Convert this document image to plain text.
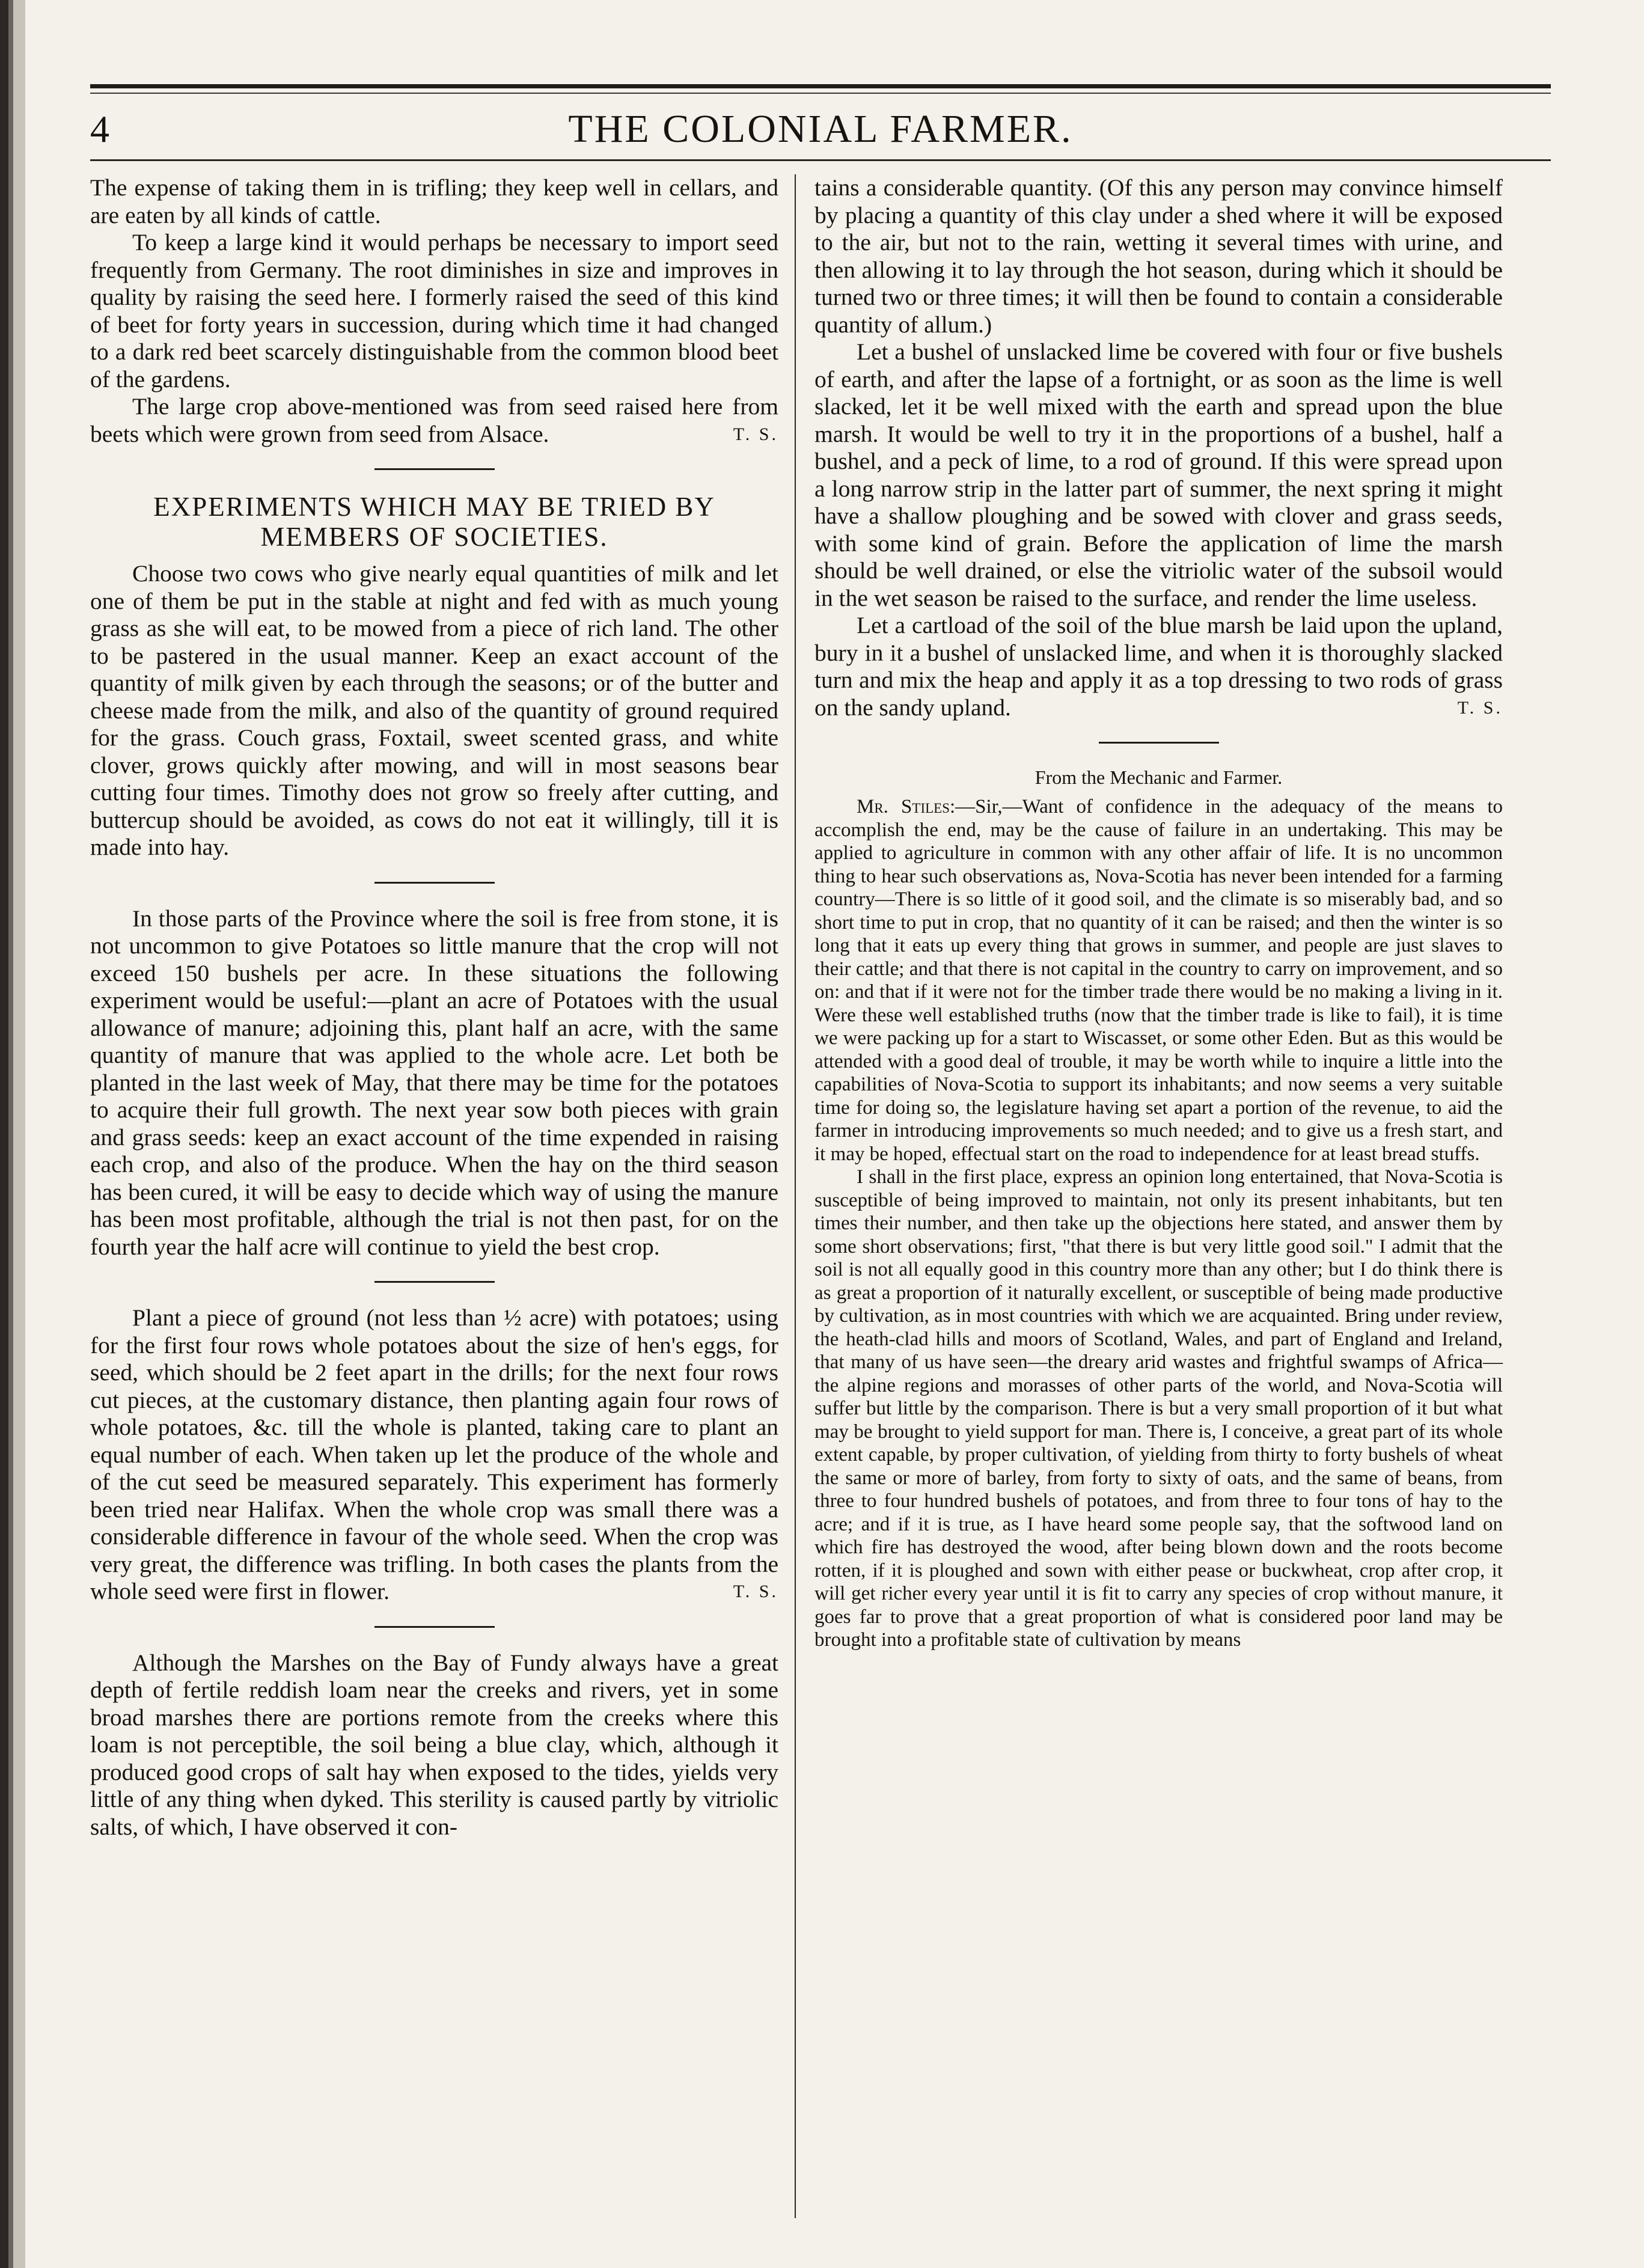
4	THE COLONIAL FARMER.

The expense of taking them in is trifling; they keep well in cellars, and are eaten by all kinds of cattle.

To keep a large kind it would perhaps be necessary to import seed frequently from Germany. The root diminishes in size and improves in quality by raising the seed here. I formerly raised the seed of this kind of beet for forty years in succession, during which time it had changed to a dark red beet scarcely distinguishable from the common blood beet of the gardens.

The large crop above-mentioned was from seed raised here from beets which were grown from seed from Alsace.	T. S.

EXPERIMENTS WHICH MAY BE TRIED BY MEMBERS OF SOCIETIES.

Choose two cows who give nearly equal quantities of milk and let one of them be put in the stable at night and fed with as much young grass as she will eat, to be mowed from a piece of rich land. The other to be pastered in the usual manner. Keep an exact account of the quantity of milk given by each through the seasons; or of the butter and cheese made from the milk, and also of the quantity of ground required for the grass. Couch grass, Foxtail, sweet scented grass, and white clover, grows quickly after mowing, and will in most seasons bear cutting four times. Timothy does not grow so freely after cutting, and buttercup should be avoided, as cows do not eat it willingly, till it is made into hay.

In those parts of the Province where the soil is free from stone, it is not uncommon to give Potatoes so little manure that the crop will not exceed 150 bushels per acre. In these situations the following experiment would be useful:—plant an acre of Potatoes with the usual allowance of manure; adjoining this, plant half an acre, with the same quantity of manure that was applied to the whole acre. Let both be planted in the last week of May, that there may be time for the potatoes to acquire their full growth. The next year sow both pieces with grain and grass seeds: keep an exact account of the time expended in raising each crop, and also of the produce. When the hay on the third season has been cured, it will be easy to decide which way of using the manure has been most profitable, although the trial is not then past, for on the fourth year the half acre will continue to yield the best crop.

Plant a piece of ground (not less than ½ acre) with potatoes; using for the first four rows whole potatoes about the size of hen's eggs, for seed, which should be 2 feet apart in the drills; for the next four rows cut pieces, at the customary distance, then planting again four rows of whole potatoes, &c. till the whole is planted, taking care to plant an equal number of each. When taken up let the produce of the whole and of the cut seed be measured separately. This experiment has formerly been tried near Halifax. When the whole crop was small there was a considerable difference in favour of the whole seed. When the crop was very great, the difference was trifling. In both cases the plants from the whole seed were first in flower.	T. S.

Although the Marshes on the Bay of Fundy always have a great depth of fertile reddish loam near the creeks and rivers, yet in some broad marshes there are portions remote from the creeks where this loam is not perceptible, the soil being a blue clay, which, although it produced good crops of salt hay when exposed to the tides, yields very little of any thing when dyked. This sterility is caused partly by vitriolic salts, of which, I have observed it con-

tains a considerable quantity. (Of this any person may convince himself by placing a quantity of this clay under a shed where it will be exposed to the air, but not to the rain, wetting it several times with urine, and then allowing it to lay through the hot season, during which it should be turned two or three times; it will then be found to contain a considerable quantity of allum.)

Let a bushel of unslacked lime be covered with four or five bushels of earth, and after the lapse of a fortnight, or as soon as the lime is well slacked, let it be well mixed with the earth and spread upon the blue marsh. It would be well to try it in the proportions of a bushel, half a bushel, and a peck of lime, to a rod of ground. If this were spread upon a long narrow strip in the latter part of summer, the next spring it might have a shallow ploughing and be sowed with clover and grass seeds, with some kind of grain. Before the application of lime the marsh should be well drained, or else the vitriolic water of the subsoil would in the wet season be raised to the surface, and render the lime useless.

Let a cartload of the soil of the blue marsh be laid upon the upland, bury in it a bushel of unslacked lime, and when it is thoroughly slacked turn and mix the heap and apply it as a top dressing to two rods of grass on the sandy upland.	T. S.

From the Mechanic and Farmer.

Mr. Stiles:—Sir,—Want of confidence in the adequacy of the means to accomplish the end, may be the cause of failure in an undertaking. This may be applied to agriculture in common with any other affair of life. It is no uncommon thing to hear such observations as, Nova-Scotia has never been intended for a farming country—There is so little of it good soil, and the climate is so miserably bad, and so short time to put in crop, that no quantity of it can be raised; and then the winter is so long that it eats up every thing that grows in summer, and people are just slaves to their cattle; and that there is not capital in the country to carry on improvement, and so on: and that if it were not for the timber trade there would be no making a living in it. Were these well established truths (now that the timber trade is like to fail), it is time we were packing up for a start to Wiscasset, or some other Eden. But as this would be attended with a good deal of trouble, it may be worth while to inquire a little into the capabilities of Nova-Scotia to support its inhabitants; and now seems a very suitable time for doing so, the legislature having set apart a portion of the revenue, to aid the farmer in introducing improvements so much needed; and to give us a fresh start, and it may be hoped, effectual start on the road to independence for at least bread stuffs.

I shall in the first place, express an opinion long entertained, that Nova-Scotia is susceptible of being improved to maintain, not only its present inhabitants, but ten times their number, and then take up the objections here stated, and answer them by some short observations; first, "that there is but very little good soil." I admit that the soil is not all equally good in this country more than any other; but I do think there is as great a proportion of it naturally excellent, or susceptible of being made productive by cultivation, as in most countries with which we are acquainted. Bring under review, the heath-clad hills and moors of Scotland, Wales, and part of England and Ireland, that many of us have seen—the dreary arid wastes and frightful swamps of Africa—the alpine regions and morasses of other parts of the world, and Nova-Scotia will suffer but little by the comparison. There is but a very small proportion of it but what may be brought to yield support for man. There is, I conceive, a great part of its whole extent capable, by proper cultivation, of yielding from thirty to forty bushels of wheat the same or more of barley, from forty to sixty of oats, and the same of beans, from three to four hundred bushels of potatoes, and from three to four tons of hay to the acre; and if it is true, as I have heard some people say, that the softwood land on which fire has destroyed the wood, after being blown down and the roots become rotten, if it is ploughed and sown with either pease or buckwheat, crop after crop, it will get richer every year until it is fit to carry any species of crop without manure, it goes far to prove that a great proportion of what is considered poor land may be brought into a profitable state of cultivation by means
